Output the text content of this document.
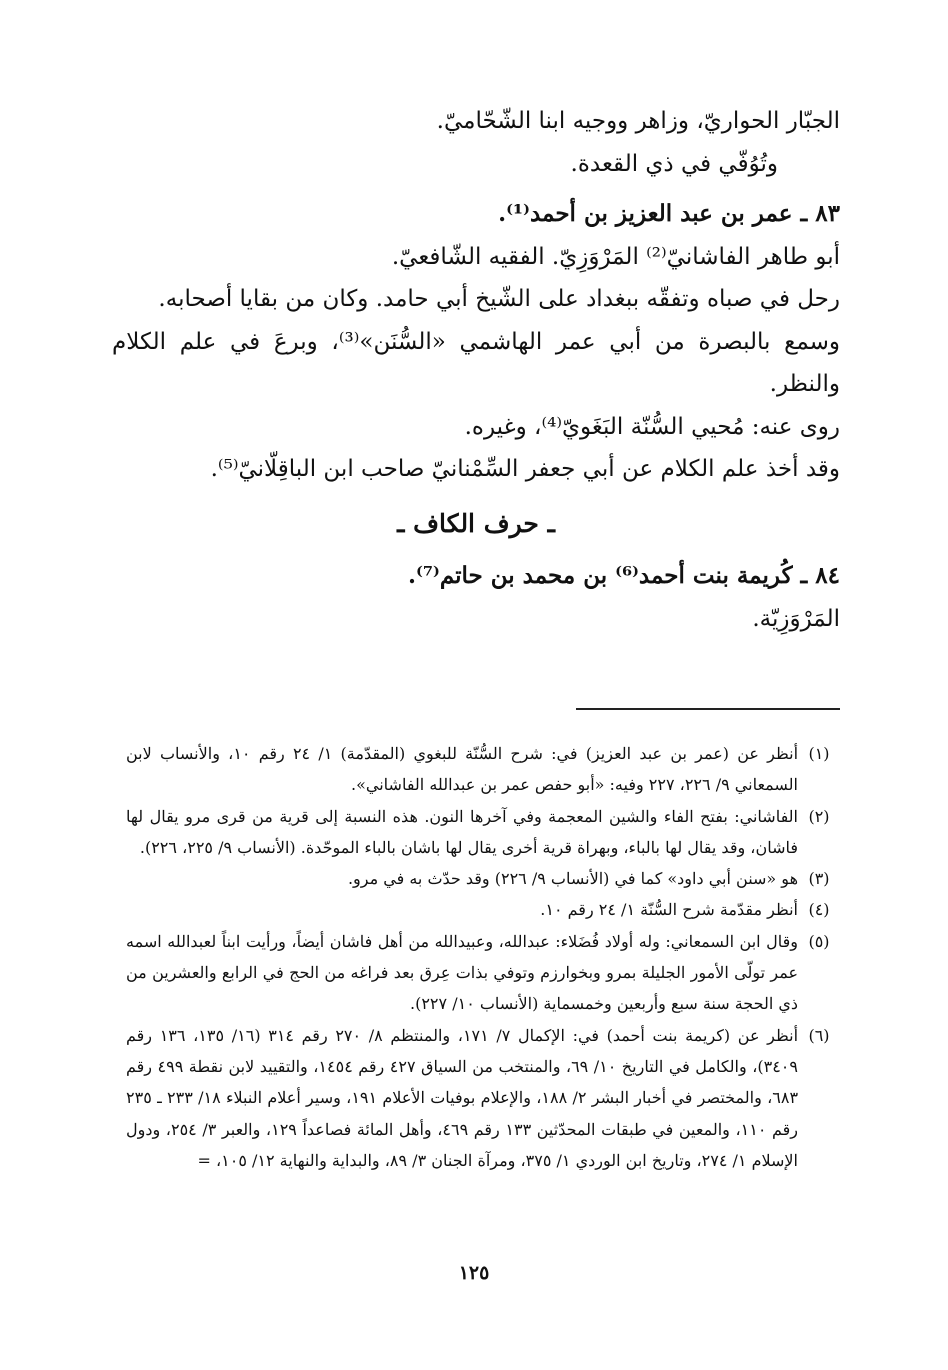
الجبّار الحواريّ، وزاهر ووجيه ابنا الشّحّاميّ.

وتُوُفّي في ذي القعدة.

٨٣ ـ عمر بن عبد العزيز بن أحمد⁽¹⁾.

أبو طاهر الفاشانيّ⁽²⁾ المَرْوَزِيّ. الفقيه الشّافعيّ.

رحل في صباه وتفقّه ببغداد على الشّيخ أبي حامد. وكان من بقايا أصحابه.

وسمع بالبصرة من أبي عمر الهاشمي «السُّنَن»⁽³⁾، وبرعَ في علم الكلام والنظر.

روى عنه: مُحيي السُّنّة البَغَويّ⁽⁴⁾، وغيره.

وقد أخذ علم الكلام عن أبي جعفر السِّمْنانيّ صاحب ابن الباقِلّانيّ⁽⁵⁾.

ـ حرف الكاف ـ

٨٤ ـ كُريمة بنت أحمد⁽⁶⁾ بن محمد بن حاتم⁽⁷⁾.

المَرْوَزِيّة.

(١)
أنظر عن (عمر بن عبد العزيز) في: شرح السُّنّة للبغوي (المقدّمة) ١/ ٢٤ رقم ١٠، والأنساب لابن السمعاني ٩/ ٢٢٦، ٢٢٧ وفيه: «أبو حفص عمر بن عبدالله الفاشاني».
(٢)
الفاشاني: بفتح الفاء والشين المعجمة وفي آخرها النون. هذه النسبة إلى قرية من قرى مرو يقال لها فاشان، وقد يقال لها بالباء، وبهراة قرية أخرى يقال لها باشان بالباء الموحّدة. (الأنساب ٩/ ٢٢٥، ٢٢٦).
(٣)
هو «سنن أبي داود» كما في (الأنساب ٩/ ٢٢٦) وقد حدّث به في مرو.
(٤)
أنظر مقدّمة شرح السُّنّة ١/ ٢٤ رقم ١٠.
(٥)
وقال ابن السمعاني: وله أولاد فُضَلاء: عبدالله، وعبيدالله من أهل فاشان أيضاً، ورأيت ابناً لعبدالله اسمه عمر تولّى الأمور الجليلة بمرو وبخوارزم وتوفي بذات عِرق بعد فراغه من الحج في الرابع والعشرين من ذي الحجة سنة سبع وأربعين وخمسماية (الأنساب ١٠/ ٢٢٧).
(٦)
أنظر عن (كريمة بنت أحمد) في: الإكمال ٧/ ١٧١، والمنتظم ٨/ ٢٧٠ رقم ٣١٤ (١٦/ ١٣٥، ١٣٦ رقم ٣٤٠٩)، والكامل في التاريخ ١٠/ ٦٩، والمنتخب من السياق ٤٢٧ رقم ١٤٥٤، والتقييد لابن نقطة ٤٩٩ رقم ٦٨٣، والمختصر في أخبار البشر ٢/ ١٨٨، والإعلام بوفيات الأعلام ١٩١، وسير أعلام النبلاء ١٨/ ٢٣٣ ـ ٢٣٥ رقم ١١٠، والمعين في طبقات المحدّثين ١٣٣ رقم ٤٦٩، وأهل المائة فصاعداً ١٢٩، والعبر ٣/ ٢٥٤، ودول الإسلام ١/ ٢٧٤، وتاريخ ابن الوردي ١/ ٣٧٥، ومرآة الجنان ٣/ ٨٩، والبداية والنهاية ١٢/ ١٠٥، =
١٢٥
